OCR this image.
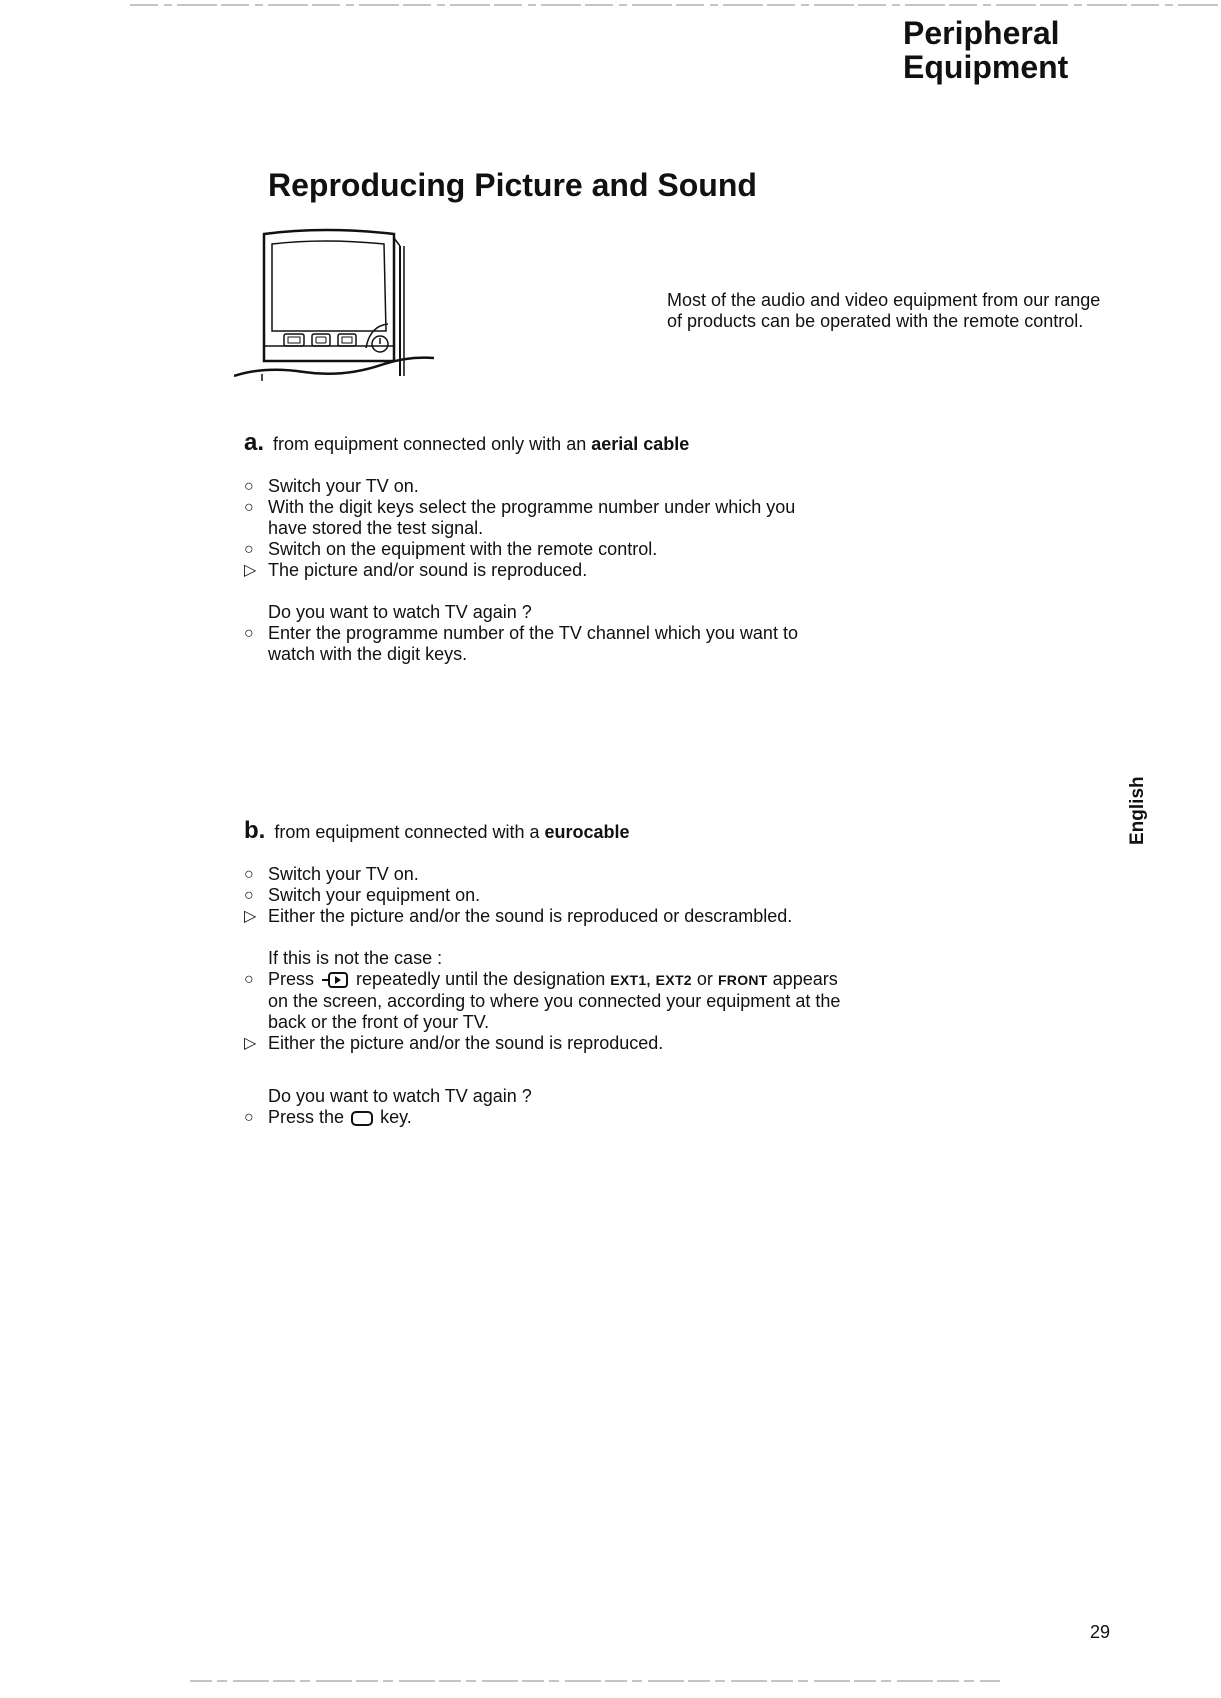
Peripheral
Equipment
Reproducing Picture and Sound

Most of the audio and video equipment from our range of products can be operated with the remote control.

a. from equipment connected only with an aerial cable

○ Switch your TV on.
○ With the digit keys select the programme number under which you
have stored the test signal.
○ Switch on the equipment with the remote control.
▷ The picture and/or sound is reproduced.
Do you want to watch TV again ?
○ Enter the programme number of the TV channel which you want to
watch with the digit keys.

b. from equipment connected with a eurocable

○ Switch your TV on.
○ Switch your equipment on.
▷ Either the picture and/or the sound is reproduced or descrambled.
If this is not the case :
○ Press repeatedly until the designation EXT1, EXT2 or FRONT appears
on the screen, according to where you connected your equipment at the
back or the front of your TV.
▷ Either the picture and/or the sound is reproduced.
Do you want to watch TV again ?
○ Press the key.

English

29
